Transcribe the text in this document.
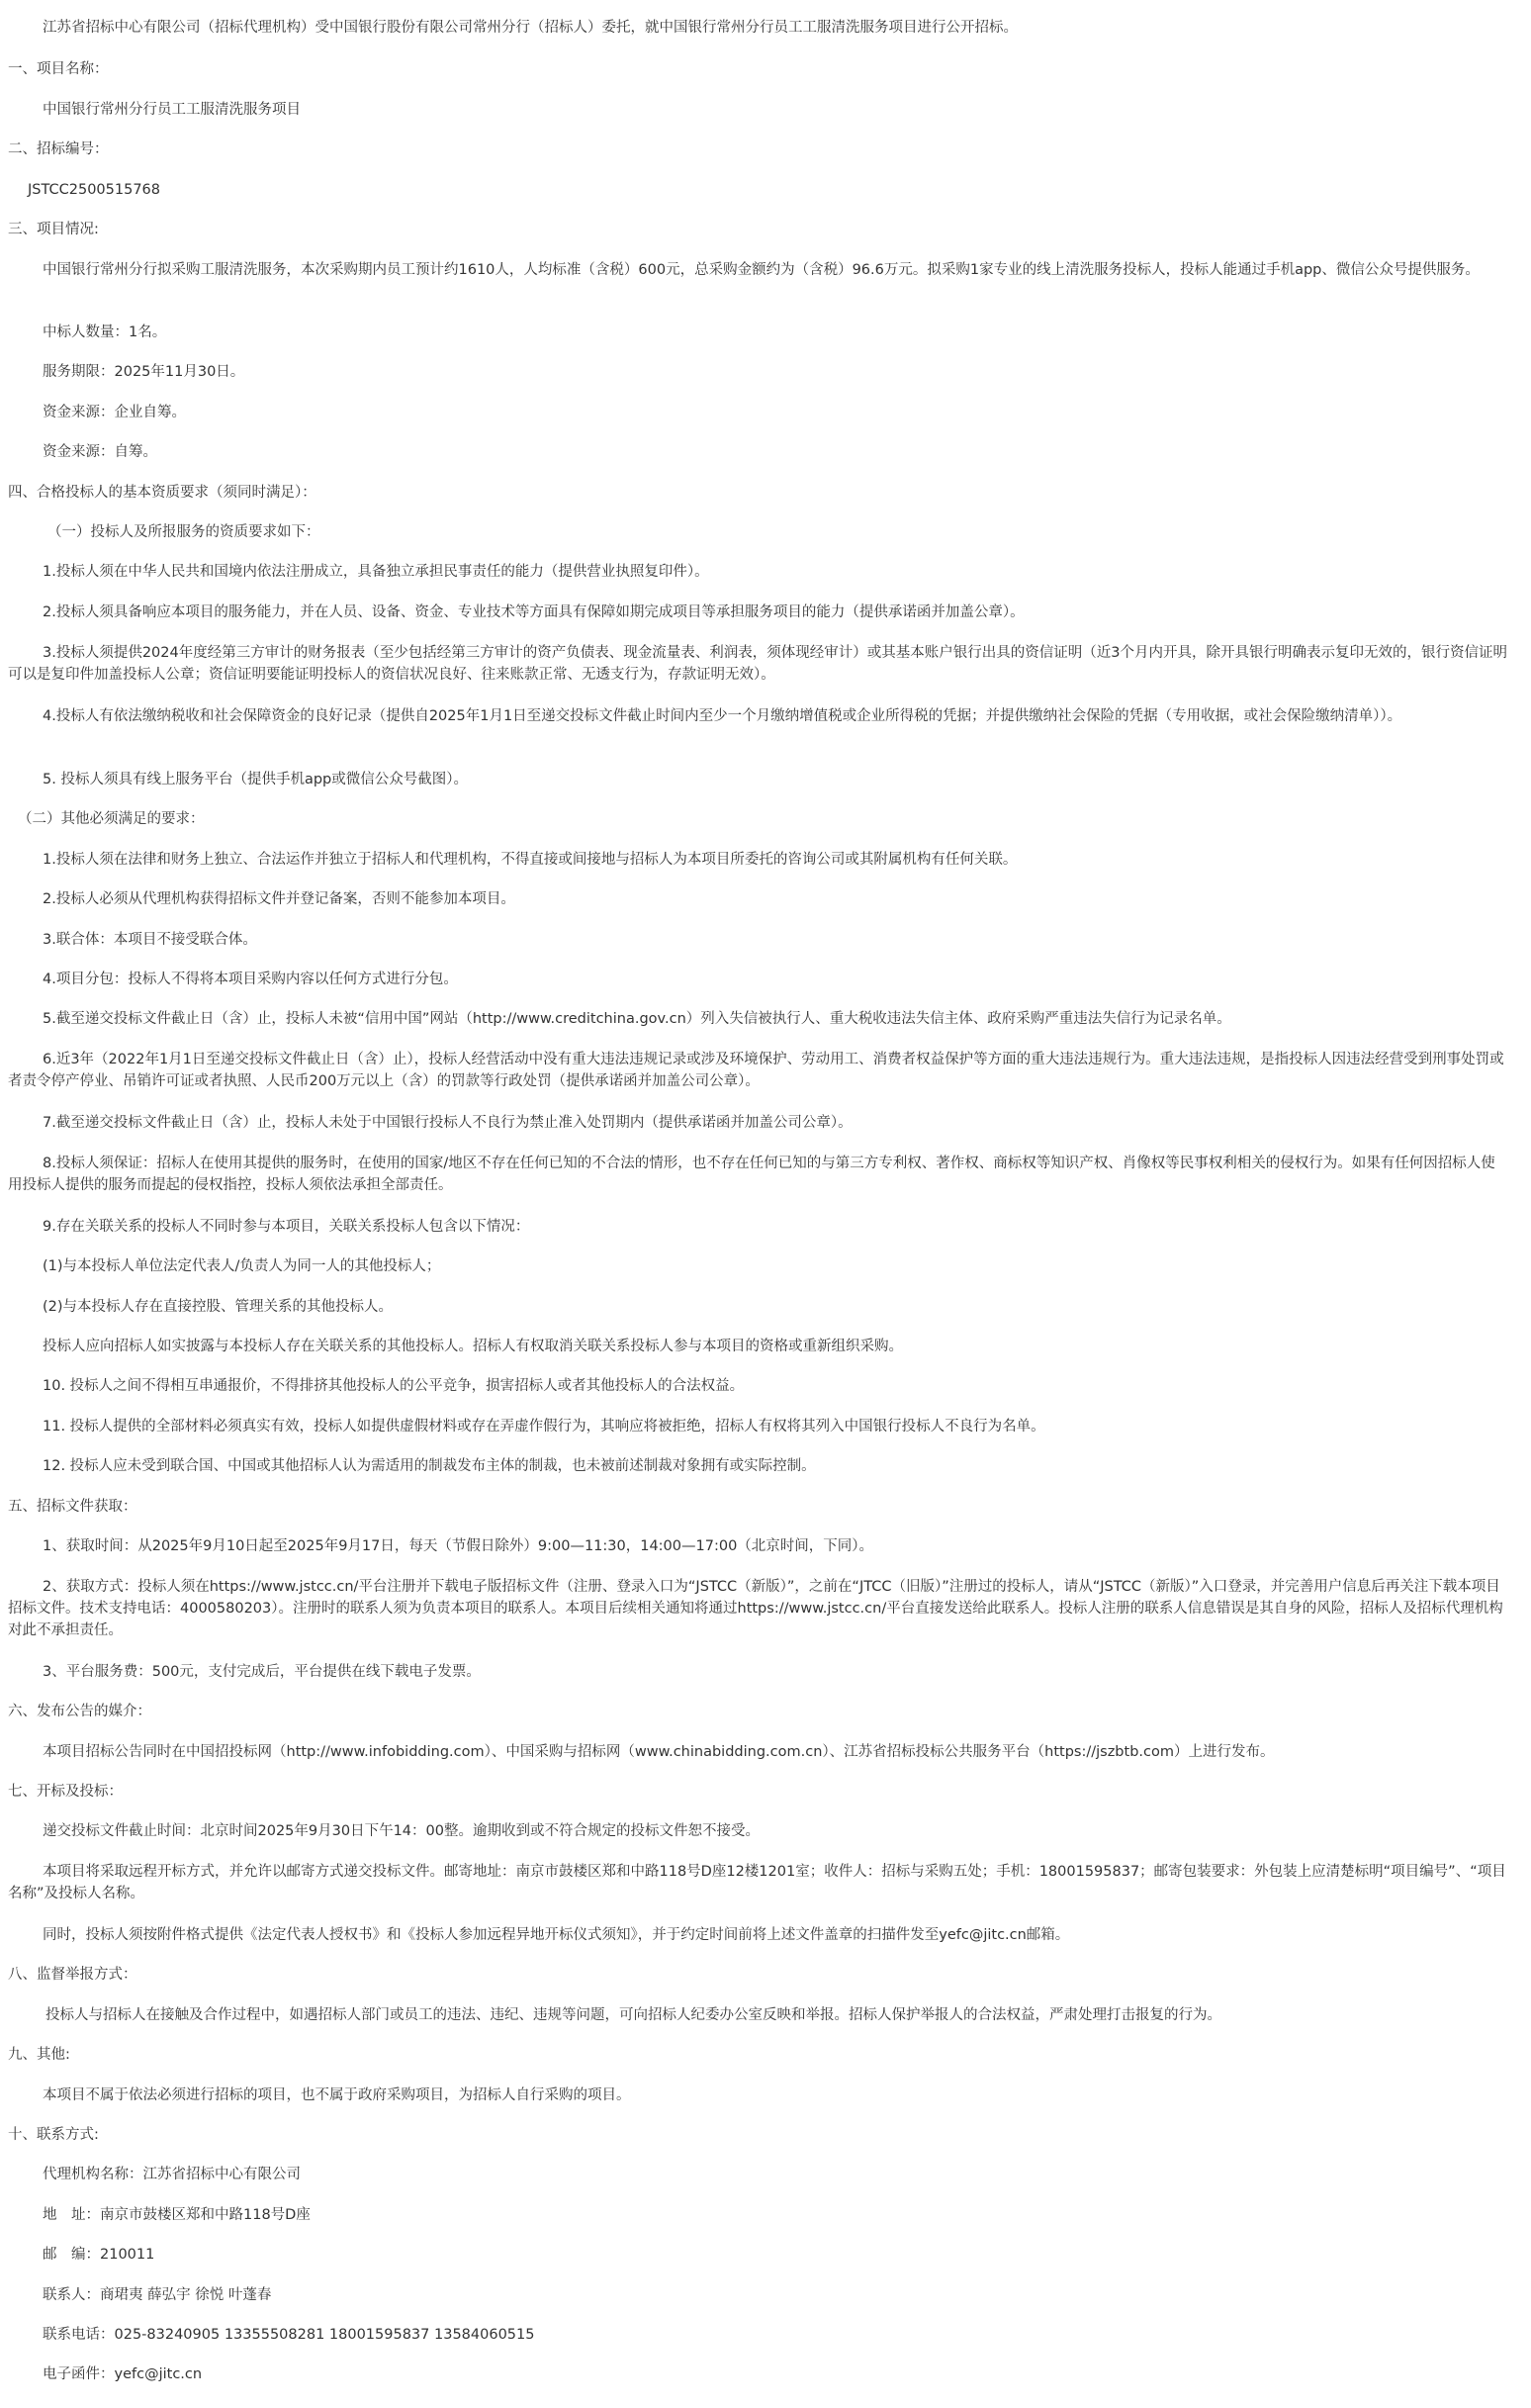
江苏省招标中心有限公司（招标代理机构）受中国银行股份有限公司常州分行（招标人）委托，就中国银行常州分行员工工服清洗服务项目进行公开招标。

一、项目名称：

中国银行常州分行员工工服清洗服务项目

二、招标编号：

JSTCC2500515768

三、项目情况:

中国银行常州分行拟采购工服清洗服务，本次采购期内员工预计约1610人，人均标准（含税）600元，总采购金额约为（含税）96.6万元。拟采购1家专业的线上清洗服务投标人，投标人能通过手机app、微信公众号提供服务。

中标人数量：1名。

服务期限：2025年11月30日。

资金来源：企业自筹。

资金来源：自筹。

四、合格投标人的基本资质要求（须同时满足）：

（一）投标人及所报服务的资质要求如下：

1.投标人须在中华人民共和国境内依法注册成立，具备独立承担民事责任的能力（提供营业执照复印件）。

2.投标人须具备响应本项目的服务能力，并在人员、设备、资金、专业技术等方面具有保障如期完成项目等承担服务项目的能力（提供承诺函并加盖公章）。

3.投标人须提供2024年度经第三方审计的财务报表（至少包括经第三方审计的资产负债表、现金流量表、利润表，须体现经审计）或其基本账户银行出具的资信证明（近3个月内开具，除开具银行明确表示复印无效的，银行资信证明可以是复印件加盖投标人公章；资信证明要能证明投标人的资信状况良好、往来账款正常、无透支行为，存款证明无效）。

4.投标人有依法缴纳税收和社会保障资金的良好记录（提供自2025年1月1日至递交投标文件截止时间内至少一个月缴纳增值税或企业所得税的凭据；并提供缴纳社会保险的凭据（专用收据，或社会保险缴纳清单））。

5. 投标人须具有线上服务平台（提供手机app或微信公众号截图）。

（二）其他必须满足的要求：

1.投标人须在法律和财务上独立、合法运作并独立于招标人和代理机构，不得直接或间接地与招标人为本项目所委托的咨询公司或其附属机构有任何关联。

2.投标人必须从代理机构获得招标文件并登记备案，否则不能参加本项目。

3.联合体：本项目不接受联合体。

4.项目分包：投标人不得将本项目采购内容以任何方式进行分包。

5.截至递交投标文件截止日（含）止，投标人未被“信用中国”网站（http://www.creditchina.gov.cn）列入失信被执行人、重大税收违法失信主体、政府采购严重违法失信行为记录名单。

6.近3年（2022年1月1日至递交投标文件截止日（含）止），投标人经营活动中没有重大违法违规记录或涉及环境保护、劳动用工、消费者权益保护等方面的重大违法违规行为。重大违法违规，是指投标人因违法经营受到刑事处罚或者责令停产停业、吊销许可证或者执照、人民币200万元以上（含）的罚款等行政处罚（提供承诺函并加盖公司公章）。

7.截至递交投标文件截止日（含）止，投标人未处于中国银行投标人不良行为禁止准入处罚期内（提供承诺函并加盖公司公章）。

8.投标人须保证：招标人在使用其提供的服务时，在使用的国家/地区不存在任何已知的不合法的情形，也不存在任何已知的与第三方专利权、著作权、商标权等知识产权、肖像权等民事权利相关的侵权行为。如果有任何因招标人使用投标人提供的服务而提起的侵权指控，投标人须依法承担全部责任。

9.存在关联关系的投标人不同时参与本项目，关联关系投标人包含以下情况：

(1)与本投标人单位法定代表人/负责人为同一人的其他投标人；

(2)与本投标人存在直接控股、管理关系的其他投标人。

投标人应向招标人如实披露与本投标人存在关联关系的其他投标人。招标人有权取消关联关系投标人参与本项目的资格或重新组织采购。

10. 投标人之间不得相互串通报价，不得排挤其他投标人的公平竞争，损害招标人或者其他投标人的合法权益。

11. 投标人提供的全部材料必须真实有效，投标人如提供虚假材料或存在弄虚作假行为，其响应将被拒绝，招标人有权将其列入中国银行投标人不良行为名单。

12. 投标人应未受到联合国、中国或其他招标人认为需适用的制裁发布主体的制裁，也未被前述制裁对象拥有或实际控制。

五、招标文件获取：

1、获取时间：从2025年9月10日起至2025年9月17日，每天（节假日除外）9:00—11:30，14:00—17:00（北京时间，下同）。

2、获取方式：投标人须在https://www.jstcc.cn/平台注册并下载电子版招标文件（注册、登录入口为“JSTCC（新版）”，之前在“JTCC（旧版）”注册过的投标人，请从“JSTCC（新版）”入口登录，并完善用户信息后再关注下载本项目招标文件。技术支持电话：4000580203）。注册时的联系人须为负责本项目的联系人。本项目后续相关通知将通过https://www.jstcc.cn/平台直接发送给此联系人。投标人注册的联系人信息错误是其自身的风险，招标人及招标代理机构对此不承担责任。

3、平台服务费：500元，支付完成后，平台提供在线下载电子发票。

六、发布公告的媒介：

本项目招标公告同时在中国招投标网（http://www.infobidding.com）、中国采购与招标网（www.chinabidding.com.cn）、江苏省招标投标公共服务平台（https://jszbtb.com）上进行发布。

七、开标及投标：

递交投标文件截止时间：北京时间2025年9月30日下午14：00整。逾期收到或不符合规定的投标文件恕不接受。

本项目将采取远程开标方式，并允许以邮寄方式递交投标文件。邮寄地址：南京市鼓楼区郑和中路118号D座12楼1201室；收件人：招标与采购五处；手机：18001595837；邮寄包装要求：外包装上应清楚标明“项目编号”、“项目名称”及投标人名称。

同时，投标人须按附件格式提供《法定代表人授权书》和《投标人参加远程异地开标仪式须知》，并于约定时间前将上述文件盖章的扫描件发至yefc@jitc.cn邮箱。

八、监督举报方式：

投标人与招标人在接触及合作过程中，如遇招标人部门或员工的违法、违纪、违规等问题，可向招标人纪委办公室反映和举报。招标人保护举报人的合法权益，严肃处理打击报复的行为。

九、其他:

本项目不属于依法必须进行招标的项目，也不属于政府采购项目，为招标人自行采购的项目。

十、联系方式:

代理机构名称：江苏省招标中心有限公司

地　址：南京市鼓楼区郑和中路118号D座

邮　编：210011

联系人：商珺夷 薛弘宇 徐悦 叶蓬春

联系电话：025-83240905 13355508281 18001595837 13584060515

电子函件：yefc@jitc.cn
